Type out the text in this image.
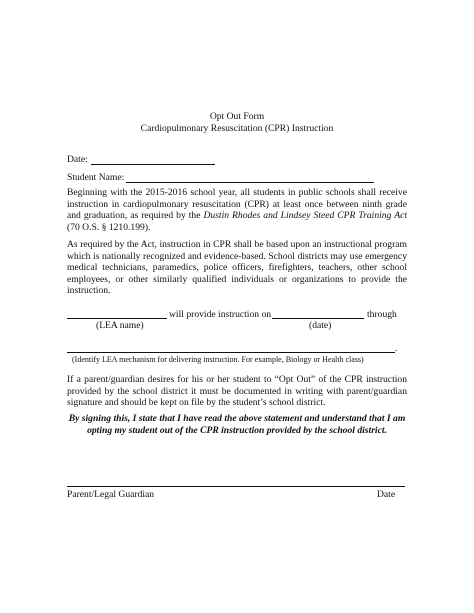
Opt Out Form
Cardiopulmonary Resuscitation (CPR) Instruction
Date:
Student Name:

Beginning with the 2015-2016 school year, all students in public schools shall receive instruction in cardiopulmonary resuscitation (CPR) at least once between ninth grade and graduation, as required by the Dustin Rhodes and Lindsey Steed CPR Training Act (70 O.S. § 1210.199).

As required by the Act, instruction in CPR shall be based upon an instructional program which is nationally recognized and evidence-based. School districts may use emergency medical technicians, paramedics, police officers, firefighters, teachers, other school employees, or other similarly qualified individuals or organizations to provide the instruction.

will provide instruction on	through
(LEA name)	(date)
.
(Identify LEA mechanism for delivering instruction. For example, Biology or Health class)

If a parent/guardian desires for his or her student to “Opt Out” of the CPR instruction provided by the school district it must be documented in writing with parent/guardian signature and should be kept on file by the student’s school district.

By signing this, I state that I have read the above statement and understand that I am opting my student out of the CPR instruction provided by the school district.

Parent/Legal Guardian	Date
